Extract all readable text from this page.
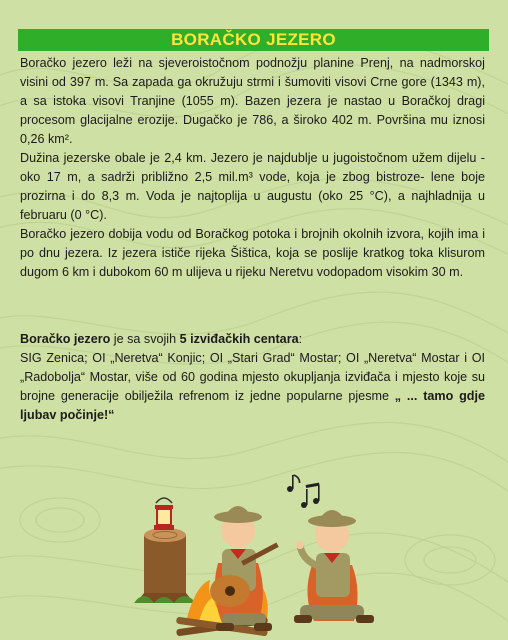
BORAČKO JEZERO

Boračko jezero leži na sjeveroistočnom podnožju planine Prenj, na nadmorskoj visini od 397 m. Sa zapada ga okružuju strmi i šumoviti visovi Crne gore (1343 m), a sa istoka visovi Tranjine (1055 m). Bazen jezera je nastao u Boračkoj dragi procesom glacijalne erozije. Dugačko je 786, a široko 402 m. Površina mu iznosi 0,26 km².

Dužina jezerske obale je 2,4 km. Jezero je najdublje u jugoistočnom užem dijelu - oko 17 m, a sadrži približno 2,5 mil.m³ vode, koja je zbog bistroze- lene boje prozirna i do 8,3 m. Voda je najtoplija u augustu (oko 25 °C), a najhladnija u februaru (0 °C).

Boračko jezero dobija vodu od Boračkog potoka i brojnih okolnih izvora, kojih ima i po dnu jezera. Iz jezera ističe rijeka Šištica, koja se poslije kratkog toka klisurom dugom 6 km i dubokom 60 m ulijeva u rijeku Neretvu vodopadom visokim 30 m.

Boračko jezero je sa svojih 5 izviđačkih centara:

SIG Zenica; OI „Neretva“ Konjic; OI „Stari Grad“ Mostar; OI „Neretva“ Mostar i OI „Radobolja“ Mostar, više od 60 godina mjesto okupljanja izviđača i mjesto koje su brojne generacije obilježila refrenom iz jedne popularne pjesme „ ... tamo gdje ljubav počinje!“
